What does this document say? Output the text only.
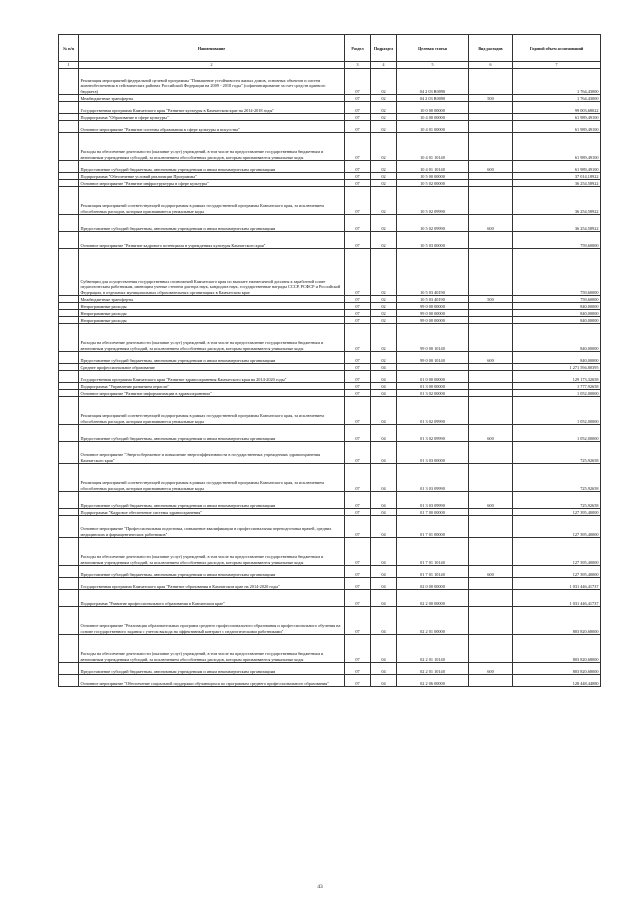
№ п/п	Наименование	Раздел	Подраздел	Целевая статья	Вид расходов	Годовой объем ассигнований
1	2	3	4	5	6	7
	Реализация мероприятий федеральной целевой программы "Повышение устойчивости жилых домов, основных объектов и систем жизнеобеспечения в сейсмических районах Российской Федерации на 2009 - 2018 годы" (софинансирование за счет средств краевого бюджета)	07	02	04 2 03 R0090		1 764,43000
	Межбюджетные трансферты	07	02	04 2 03 R0090	500	1 764,43000
	Государственная программа Камчатского края "Развитие культуры в Камчатском крае на 2014-2018 годы"	07	02	10 0 00 00000		99 003,68022
	Подпрограмма "Образование в сфере культуры"	07	02	10 4 00 00000		61 989,49100
	Основное мероприятие "Развитие системы образования в сфере культуры и искусства"	07	02	10 4 01 00000		61 989,49100
	Расходы на обеспечение деятельности (оказание услуг) учреждений, в том числе на предоставление государственным бюджетным и автономным учреждениям субсидий, за исключением обособленных расходов, которым присваиваются уникальные коды	07	02	10 4 01 10140		61 989,49100
	Предоставление субсидий бюджетным, автономным учреждениям и иным некоммерческим организациям	07	02	10 4 01 10140	600	61 989,49100
	Подпрограмма "Обеспечение условий реализации Программы"	07	02	10 5 00 00000		37 014,18922
	Основное мероприятие "Развитие инфраструктуры в сфере культуры"	07	02	10 5 02 00000		36 254,58922
	Реализация мероприятий соответствующей подпрограммы в рамках государственной программы Камчатского края, за исключением обособленных расходов, которым присваиваются уникальные коды	07	02	10 5 02 09990		36 254,58922
	Предоставление субсидий бюджетным, автономным учреждениям и иным некоммерческим организациям	07	02	10 5 02 09990	600	36 254,58922
	Основное мероприятие "Развитие кадрового потенциала в учреждениях культуры Камчатского края"	07	02	10 5 03 00000		759,60000
	Субвенции для осуществления государственных полномочий Камчатского края по выплате ежемесячной доплаты к заработной плате педагогическим работникам, имеющим ученые степени доктора наук, кандидата наук, государственные награды СССР, РСФСР и Российской Федерации, в отдельных муниципальных образовательных организациях в Камчатском крае	07	02	10 5 03 40190		759,60000
	Межбюджетные трансферты	07	02	10 5 03 40190	500	759,60000
	Непрограммные расходы	07	02	99 0 00 00000		840,00000
	Непрограммные расходы	07	02	99 0 00 00000		840,00000
	Непрограммные расходы	07	02	99 0 00 00000		840,00000
	Расходы на обеспечение деятельности (оказание услуг) учреждений, в том числе на предоставление государственным бюджетным и автономным учреждениям субсидий, за исключением обособленных расходов, которым присваиваются уникальные коды	07	02	99 0 00 10140		840,00000
	Предоставление субсидий бюджетным, автономным учреждениям и иным некоммерческим организациям	07	02	99 0 00 10140	600	840,00000
	Среднее профессиональное образование	07	04			1 271 594,80395
	Государственная программа Камчатского края "Развитие здравоохранения Камчатского края на 2014-2020 годы"	07	04	01 0 00 00000		129 173,32658
	Подпрограмма "Управление развитием отрасли"	07	04	01 3 00 00000		1 777,92658
	Основное мероприятие "Развитие информатизации в здравоохранении"	07	04	01 3 02 00000		1 052,00000
	Реализация мероприятий соответствующей подпрограммы в рамках государственной программы Камчатского края, за исключением обособленных расходов, которым присваиваются уникальные коды	07	04	01 3 02 09990		1 052,00000
	Предоставление субсидий бюджетным, автономным учреждениям и иным некоммерческим организациям	07	04	01 3 02 09990	600	1 052,00000
	Основное мероприятие "Энергосбережение и повышение энергоэффективности в государственных учреждениях здравоохранения Камчатского края"	07	04	01 3 03 00000		725,92658
	Реализация мероприятий соответствующей подпрограммы в рамках государственной программы Камчатского края, за исключением обособленных расходов, которым присваиваются уникальные коды	07	04	01 3 03 09990		725,92658
	Предоставление субсидий бюджетным, автономным учреждениям и иным некоммерческим организациям	07	04	01 3 03 09990	600	725,92658
	Подпрограмма "Кадровое обеспечение системы здравоохранения"	07	04	01 7 00 00000		127 395,40000
	Основное мероприятие "Профессиональная подготовка, повышение квалификации и профессиональная переподготовка врачей, средних медицинских и фармацевтических работников"	07	04	01 7 01 00000		127 395,40000
	Расходы на обеспечение деятельности (оказание услуг) учреждений, в том числе на предоставление государственным бюджетным и автономным учреждениям субсидий, за исключением обособленных расходов, которым присваиваются уникальные коды	07	04	01 7 01 10140		127 395,40000
	Предоставление субсидий бюджетным, автономным учреждениям и иным некоммерческим организациям	07	04	01 7 01 10140	600	127 395,40000
	Государственная программа Камчатского края "Развитие образования в Камчатском крае на 2014-2020 годы"	07	04	02 0 00 00000		1 031 446,41737
	Подпрограмма "Развитие профессионального образования в Камчатском крае"	07	04	02 2 00 00000		1 031 446,41737
	Основное мероприятие "Реализация образовательных программ среднего профессионального образования и профессионального обучения на основе государственного задания с учетом выхода на эффективный контракт с педагогическими работниками"	07	04	02 2 01 00000		803 820,68000
	Расходы на обеспечение деятельности (оказание услуг) учреждений, в том числе на предоставление государственным бюджетным и автономным учреждениям субсидий, за исключением обособленных расходов, которым присваиваются уникальные коды	07	04	02 2 01 10140		803 820,68000
	Предоставление субсидий бюджетным, автономным учреждениям и иным некоммерческим организациям	07	04	02 2 01 10140	600	803 820,68000
	Основное мероприятие "Обеспечение социальной поддержки обучающихся по программам среднего профессионального образования"	07	04	02 2 06 00000		128 448,44080
43
